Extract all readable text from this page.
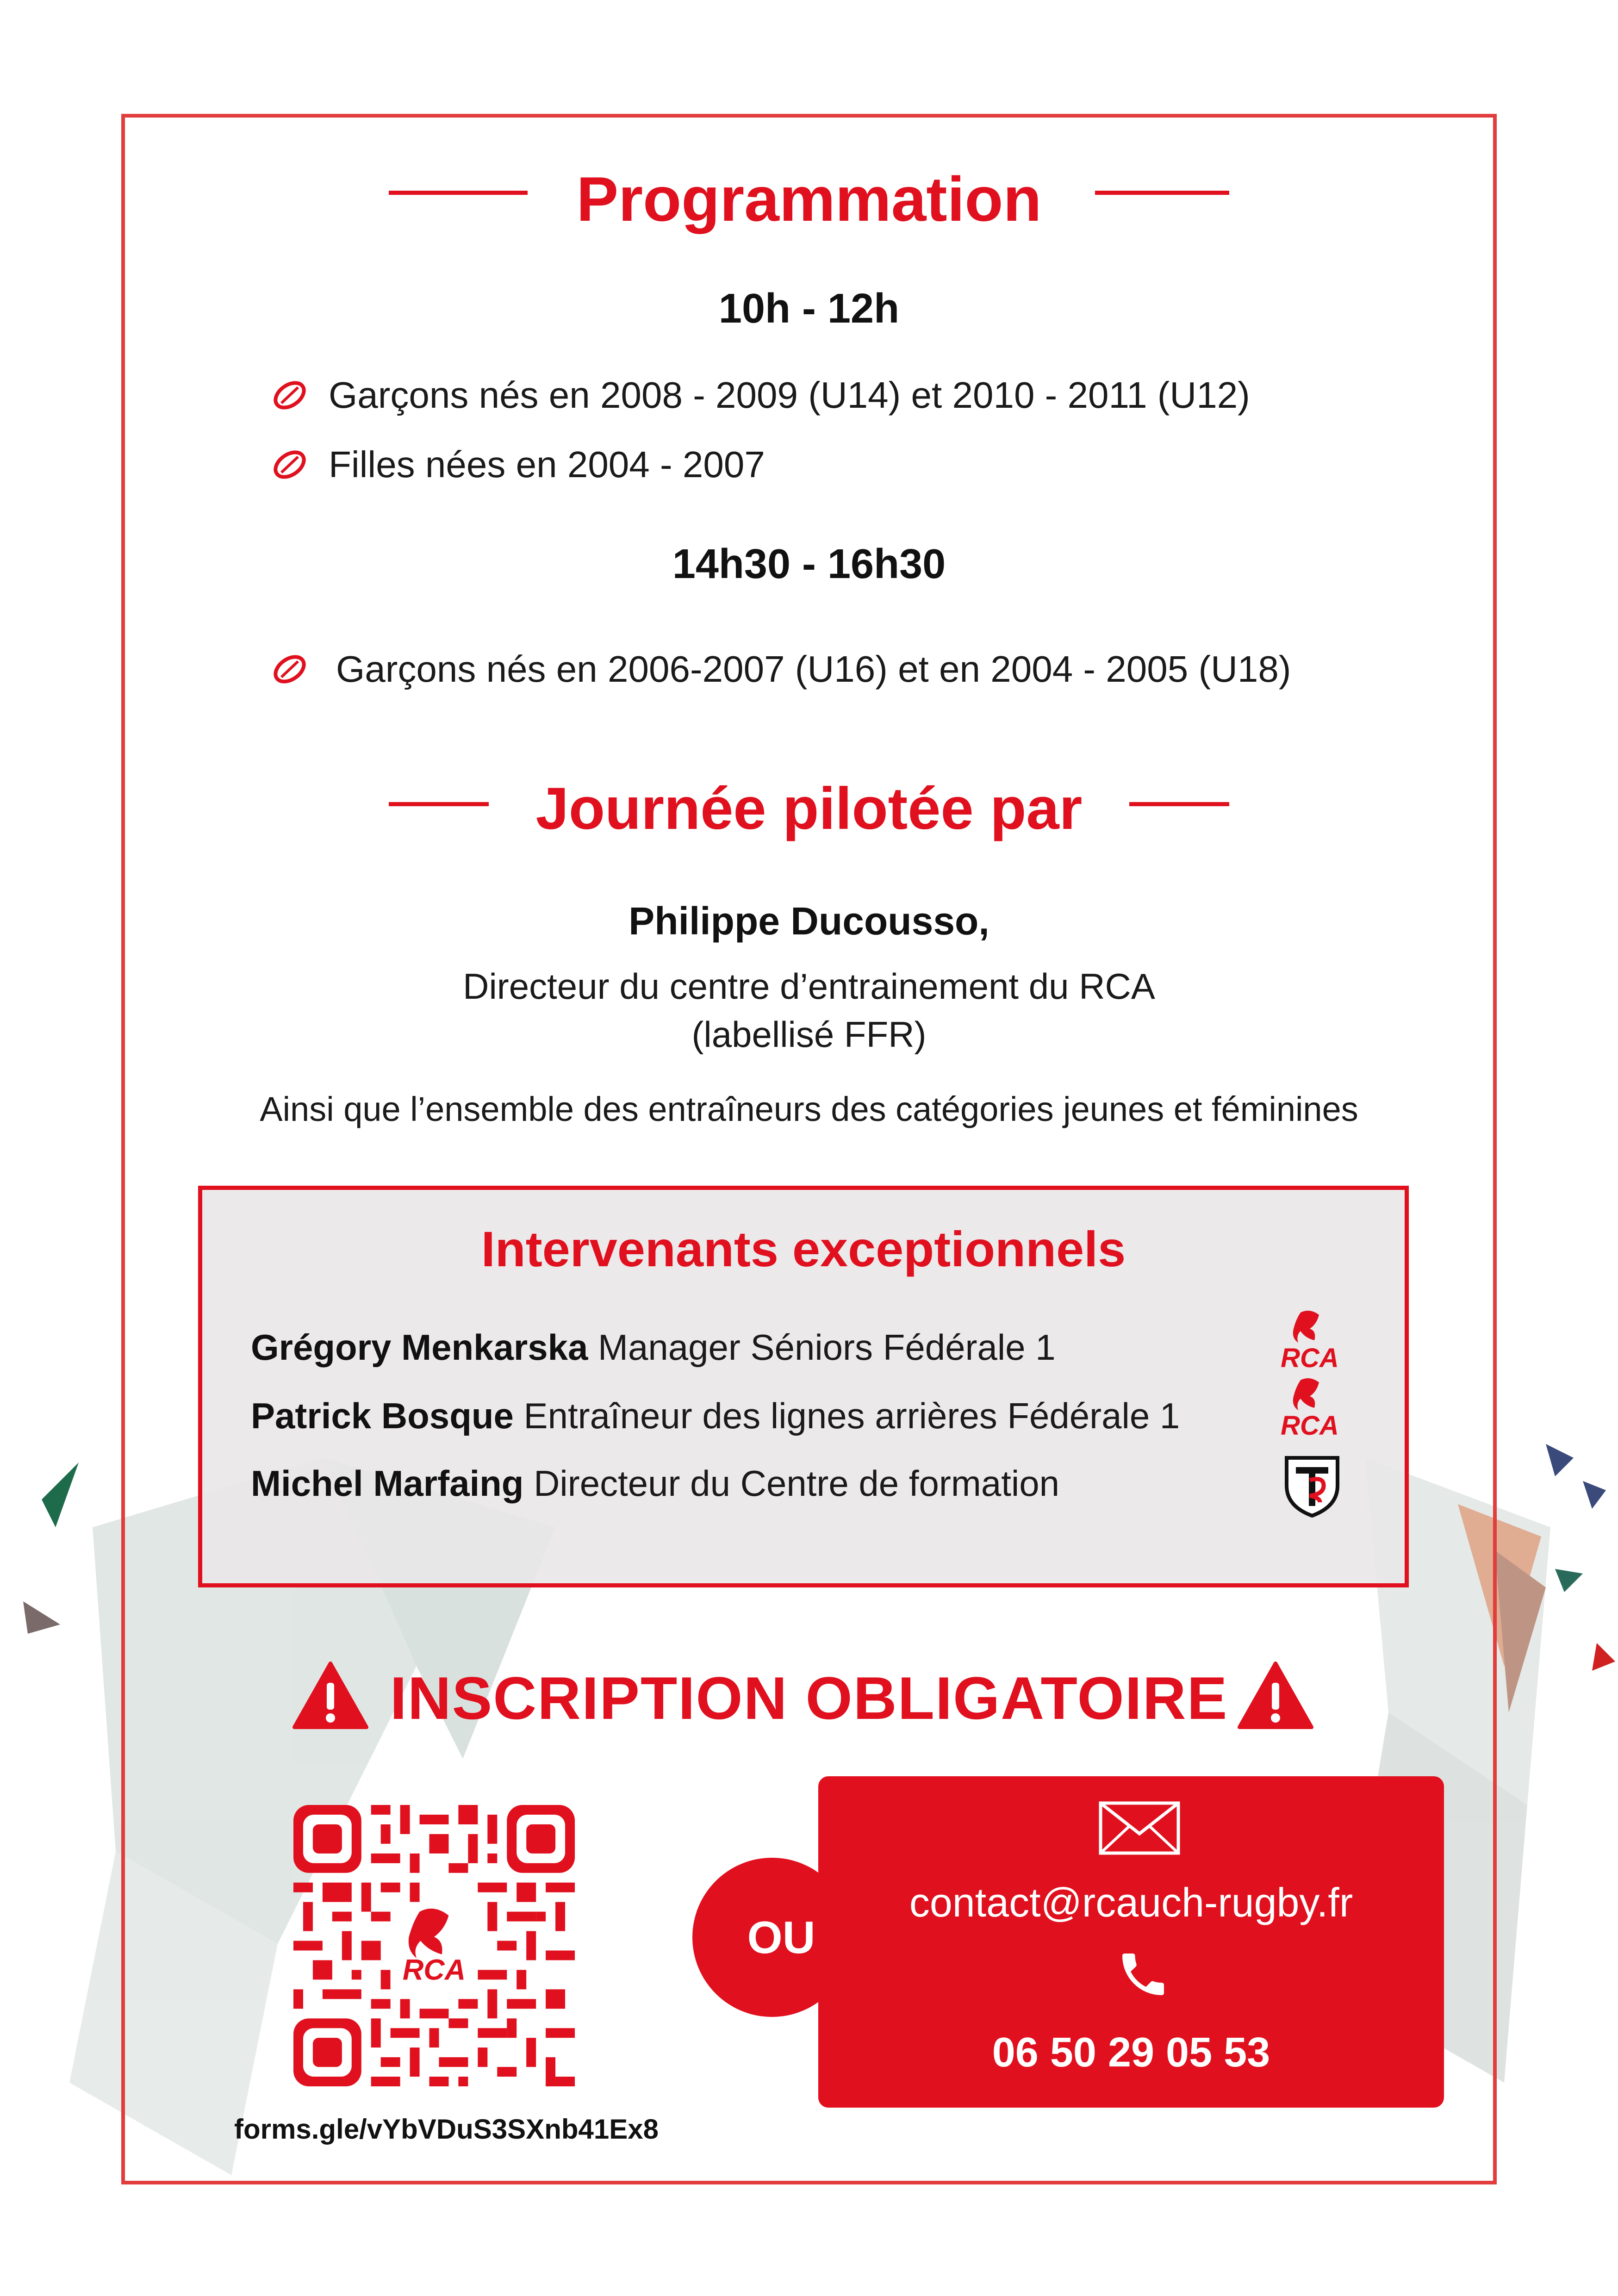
Programmation
10h - 12h
Garçons nés en 2008 - 2009 (U14) et 2010 - 2011 (U12)
Filles nées en 2004 - 2007
14h30 - 16h30
Garçons nés en 2006-2007 (U16) et en 2004 - 2005 (U18)
Journée pilotée par
Philippe Ducousso,
Directeur du centre d’entrainement du RCA
(labellisé FFR)
Ainsi que l’ensemble des entraîneurs des catégories jeunes et féminines
Intervenants exceptionnels
Grégory Menkarska Manager Séniors Fédérale 1
Patrick Bosque Entraîneur des lignes arrières Fédérale 1
Michel Marfaing Directeur du Centre de formation
RCA
RCA
INSCRIPTION OBLIGATOIRE
RCA
forms.gle/vYbVDuS3SXnb41Ex8
OU
contact@rcauch-rugby.fr
06 50 29 05 53
